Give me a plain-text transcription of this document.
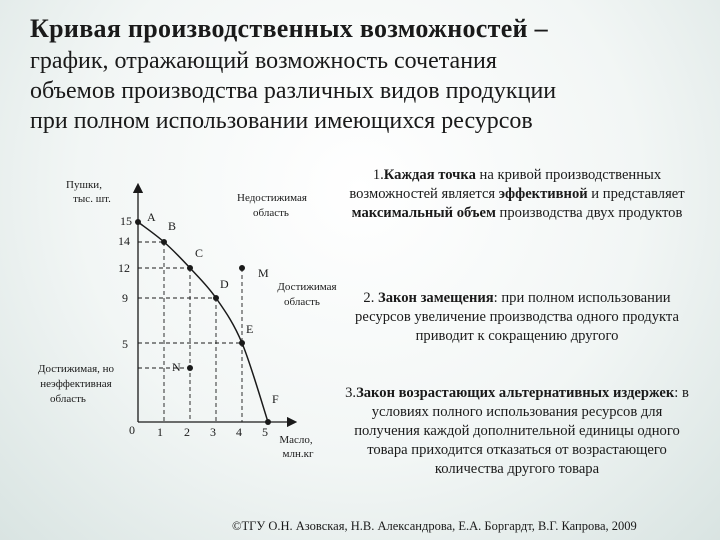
Кривая производственных возможностей –
график, отражающий возможность сочетания
объемов производства различных видов продукции
при полном использовании имеющихся ресурсов
Пушки,
тыс. шт.
Масло,
млн.кг
15
14
12
9
5
0 1 2 3 4 5
A
B
C
D
E
F
M
N
Недостижимая
область
Достижимая
область
Достижимая, но
неэффективная
область
1.Каждая точка на кривой производственных возможностей является эффективной и представляет максимальный объем производства двух продуктов
2. Закон замещения: при полном использовании ресурсов увеличение производства одного продукта приводит к сокращению другого
3.Закон возрастающих альтернативных издержек: в условиях полного использования ресурсов для получения каждой дополнительной единицы одного товара приходится отказаться от возрастающего количества другого товара
©ТГУ О.Н. Азовская, Н.В. Александрова, Е.А. Боргардт, В.Г. Капрова, 2009
